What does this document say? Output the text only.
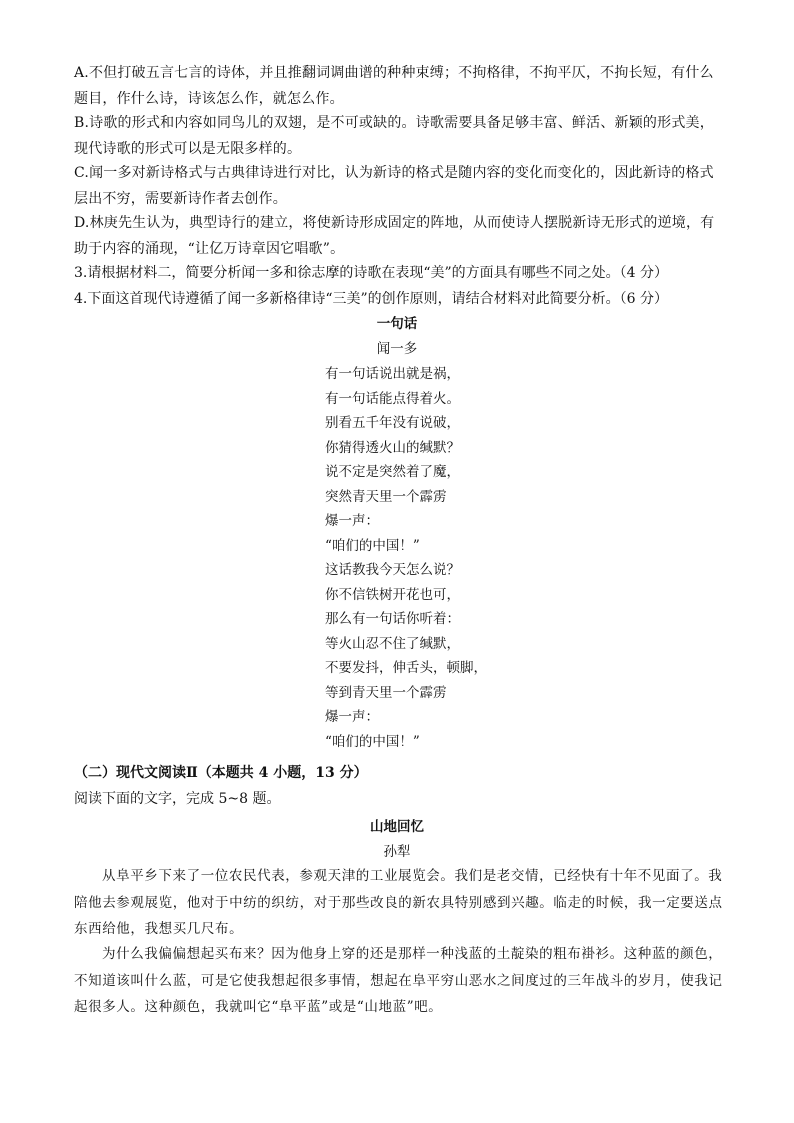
A.不但打破五言七言的诗体，并且推翻词调曲谱的种种束缚；不拘格律，不拘平仄，不拘长短，有什么题目，作什么诗，诗该怎么作，就怎么作。
B.诗歌的形式和内容如同鸟儿的双翅，是不可或缺的。诗歌需要具备足够丰富、鲜活、新颖的形式美，现代诗歌的形式可以是无限多样的。
C.闻一多对新诗格式与古典律诗进行对比，认为新诗的格式是随内容的变化而变化的，因此新诗的格式层出不穷，需要新诗作者去创作。
D.林庚先生认为，典型诗行的建立，将使新诗形成固定的阵地，从而使诗人摆脱新诗无形式的逆境，有助于内容的涌现，“让亿万诗章因它唱歌”。
3.请根据材料二，简要分析闻一多和徐志摩的诗歌在表现“美”的方面具有哪些不同之处。（4 分）
4.下面这首现代诗遵循了闻一多新格律诗“三美”的创作原则，请结合材料对此简要分析。（6 分）
一句话
闻一多
有一句话说出就是祸，
有一句话能点得着火。
别看五千年没有说破，
你猜得透火山的缄默？
说不定是突然着了魔，
突然青天里一个霹雳
爆一声：
“咱们的中国！”
这话教我今天怎么说？
你不信铁树开花也可，
那么有一句话你听着：
等火山忍不住了缄默，
不要发抖，伸舌头，顿脚，
等到青天里一个霹雳
爆一声：
“咱们的中国！”
（二）现代文阅读Ⅱ（本题共 4 小题，13 分）
阅读下面的文字，完成 5~8 题。
山地回忆
孙犁
从阜平乡下来了一位农民代表，参观天津的工业展览会。我们是老交情，已经快有十年不见面了。我陪他去参观展览，他对于中纺的织纺，对于那些改良的新农具特别感到兴趣。临走的时候，我一定要送点东西给他，我想买几尺布。
为什么我偏偏想起买布来？因为他身上穿的还是那样一种浅蓝的土靛染的粗布褂衫。这种蓝的颜色，不知道该叫什么蓝，可是它使我想起很多事情，想起在阜平穷山恶水之间度过的三年战斗的岁月，使我记起很多人。这种颜色，我就叫它“阜平蓝”或是“山地蓝”吧。
